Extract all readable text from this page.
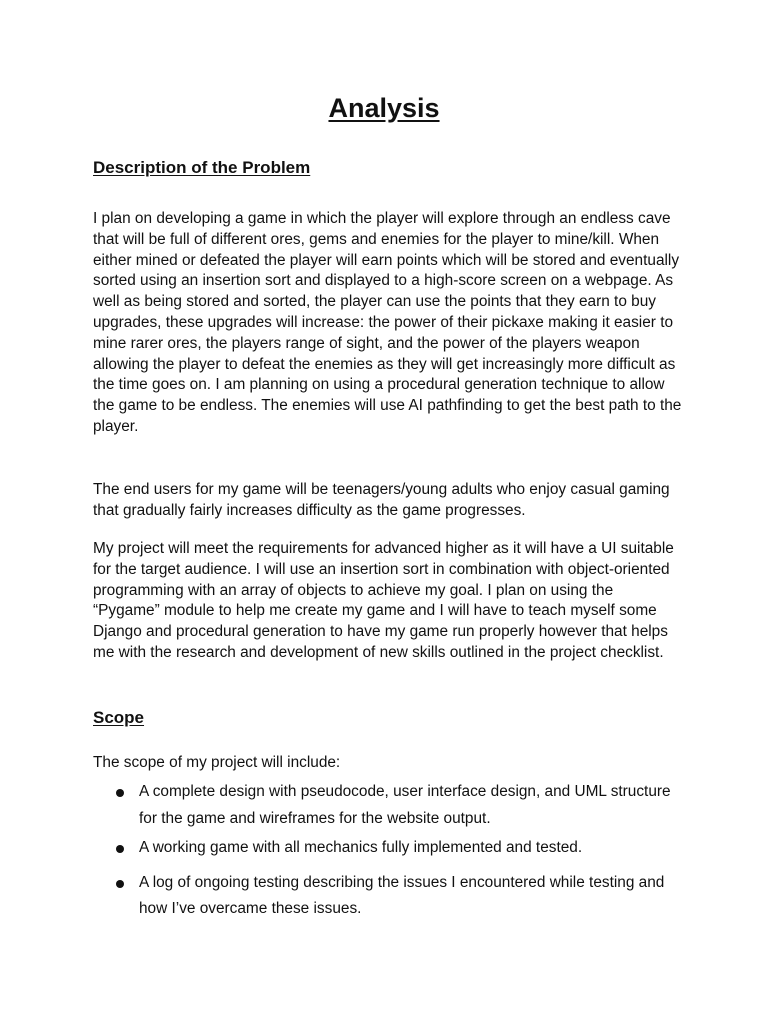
Analysis
Description of the Problem

I plan on developing a game in which the player will explore through an endless cave that will be full of different ores, gems and enemies for the player to mine/kill. When either mined or defeated the player will earn points which will be stored and eventually sorted using an insertion sort and displayed to a high-score screen on a webpage. As well as being stored and sorted, the player can use the points that they earn to buy upgrades, these upgrades will increase: the power of their pickaxe making it easier to mine rarer ores, the players range of sight, and the power of the players weapon allowing the player to defeat the enemies as they will get increasingly more difficult as the time goes on. I am planning on using a procedural generation technique to allow the game to be endless. The enemies will use AI pathfinding to get the best path to the player.

The end users for my game will be teenagers/young adults who enjoy casual gaming that gradually fairly increases difficulty as the game progresses.

My project will meet the requirements for advanced higher as it will have a UI suitable for the target audience. I will use an insertion sort in combination with object-oriented programming with an array of objects to achieve my goal. I plan on using the “Pygame” module to help me create my game and I will have to teach myself some Django and procedural generation to have my game run properly however that helps me with the research and development of new skills outlined in the project checklist.

Scope

The scope of my project will include:

A complete design with pseudocode, user interface design, and UML structure for the game and wireframes for the website output.
A working game with all mechanics fully implemented and tested.
A log of ongoing testing describing the issues I encountered while testing and how I’ve overcame these issues.
